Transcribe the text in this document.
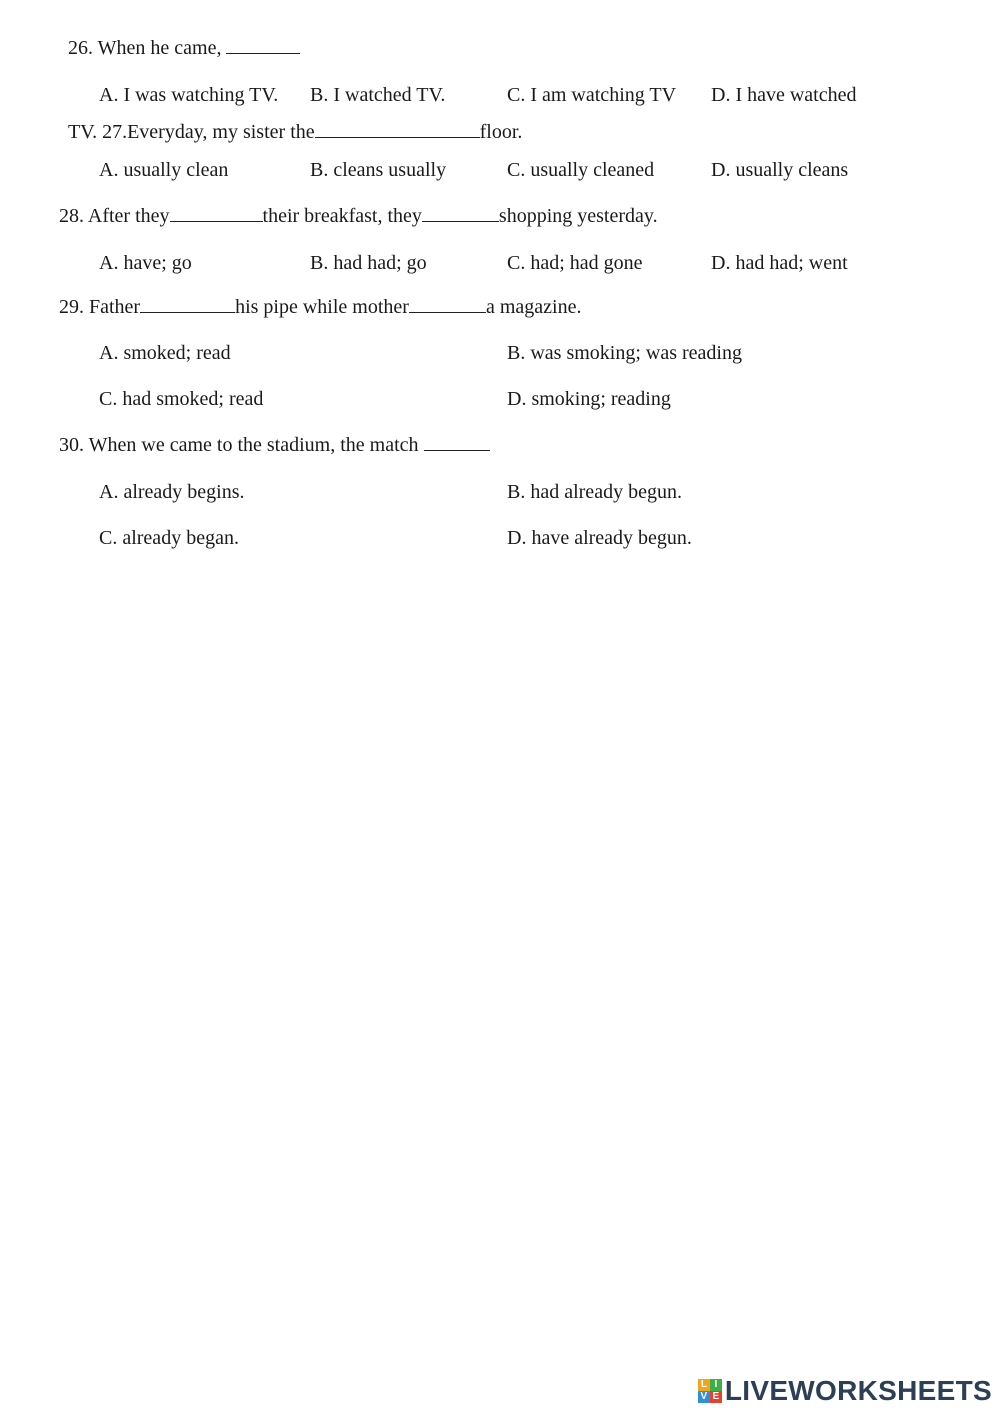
26. When he came,
A. I was watching TV. B. I watched TV.	C. I am watching TV D. I have watched
TV. 27.Everyday, my sister the	floor.
A. usually clean	B. cleans usually	C. usually cleaned	D. usually cleans
28. After they	their breakfast, they	shopping yesterday.
A. have; go	B. had had; go	C. had; had gone	D. had had; went
29. Father	his pipe while mother	a magazine.
A. smoked; read	B. was smoking; was reading
C. had smoked; read	D. smoking; reading
30. When we came to the stadium, the match
A. already begins.	B. had already begun.
C. already began.	D. have already begun.
L I
V E LIVEWORKSHEETS
